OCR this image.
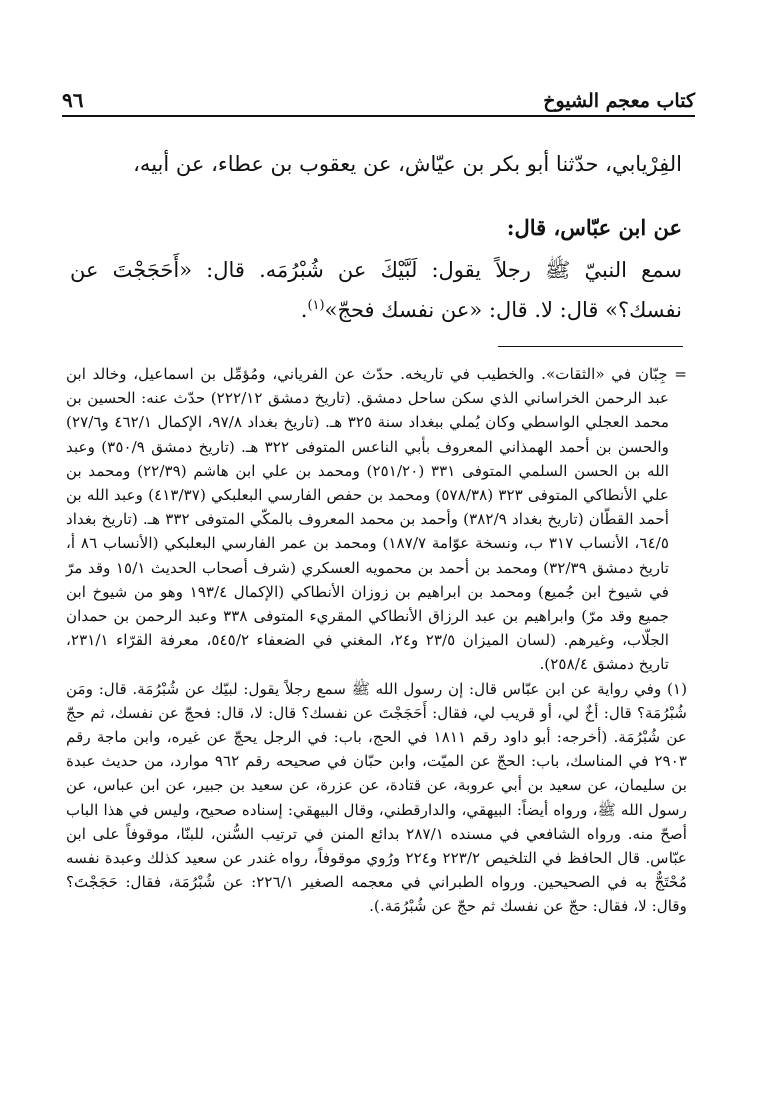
٩٦	كتاب معجم الشيوخ

الفِرْيابي، حدّثنا أبو بكر بن عيّاش، عن يعقوب بن عطاء، عن أبيه،

عن ابن عبّاس، قال:

سمع النبيّ ﷺ رجلاً يقول: لَبَّيْكَ عن شُبْرُمَه. قال: «أَحَجَجْتَ عن نفسك؟» قال: لا. قال: «عن نفسك فحجّ»$^{(١)}$.

= جِبّان في «الثقات». والخطيب في تاريخه. حدّث عن الفرياني، ومُؤمِّل بن اسماعيل، وخالد ابن عبد الرحمن الخراساني الذي سكن ساحل دمشق. (تاريخ دمشق ٢٢٢/١٢) حدّث عنه: الحسين بن محمد العجلي الواسطي وكان يُملي ببغداد سنة ٣٢٥ هـ. (تاريخ بغداد ٩٧/٨، الإكمال ٤٦٢/١ و٢٧/٦) والحسن بن أحمد الهمذاني المعروف بأبي الناعس المتوفى ٣٢٢ هـ. (تاريخ دمشق ٣٥٠/٩) وعبد الله بن الحسن السلمي المتوفى ٣٣١ (٢٥١/٢٠) ومحمد بن علي ابن هاشم (٢٢/٣٩) ومحمد بن علي الأنطاكي المتوفى ٣٢٣ (٥٧٨/٣٨) ومحمد بن حفص الفارسي البعلبكي (٤١٣/٣٧) وعبد الله بن أحمد القطّان (تاريخ بغداد ٣٨٢/٩) وأحمد بن محمد المعروف بالمكّي المتوفى ٣٣٢ هـ. (تاريخ بغداد ٦٤/٥، الأنساب ٣١٧ ب، ونسخة عوّامة ١٨٧/٧) ومحمد بن عمر الفارسي البعلبكي (الأنساب ٨٦ أ، تاريخ دمشق ٣٢/٣٩) ومحمد بن أحمد بن محمويه العسكري (شرف أصحاب الحديث ١٥/١ وقد مرّ في شيوخ ابن جُميع) ومحمد بن ابراهيم بن زوزان الأنطاكي (الإكمال ١٩٣/٤ وهو من شيوخ ابن جميع وقد مرّ) وابراهيم بن عبد الرزاق الأنطاكي المقريء المتوفى ٣٣٨ وعبد الرحمن بن حمدان الجلّاب، وغيرهم. (لسان الميزان ٢٣/٥ و٢٤، المغني في الضعفاء ٥٤٥/٢، معرفة القرّاء ٢٣١/١، تاريخ دمشق ٢٥٨/٤).

(١) وفي رواية عن ابن عبّاس قال: إن رسول الله ﷺ سمع رجلاً يقول: لبيّك عن شُبْرُمَة. قال: ومَن شُبْرُمَة؟ قال: أخٌ لي، أو قريب لي، فقال: أَحَجَجْتَ عن نفسك؟ قال: لا، قال: فحجّ عن نفسك، ثم حجّ عن شُبْرُمَة. (أخرجه: أبو داود رقم ١٨١١ في الحج، باب: في الرجل يحجّ عن غيره، وابن ماجة رقم ٢٩٠٣ في المناسك، باب: الحجّ عن الميّت، وابن حبّان في صحيحه رقم ٩٦٢ موارد، من حديث عبدة بن سليمان، عن سعيد بن أبي عروبة، عن قتادة، عن عزرة، عن سعيد بن جبير، عن ابن عباس، عن رسول الله ﷺ، ورواه أيضاً: البيهقي، والدارقطني، وقال البيهقي: إسناده صحيح، وليس في هذا الباب أصحّ منه. ورواه الشافعي في مسنده ٢٨٧/١ بدائع المنن في ترتيب السُّنن، للبنّا، موقوفاً على ابن عبّاس. قال الحافظ في التلخيص ٢٢٣/٢ و٢٢٤ ورُوي موقوفاً، رواه غندر عن سعيد كذلك وعبدة نفسه مُحْتَجٌّ به في الصحيحين. ورواه الطبراني في معجمه الصغير ٢٢٦/١: عن شُبْرُمَة، فقال: حَجَجْتَ؟ وقال: لا، فقال: حجّ عن نفسك ثم حجّ عن شُبْرُمَة.).
